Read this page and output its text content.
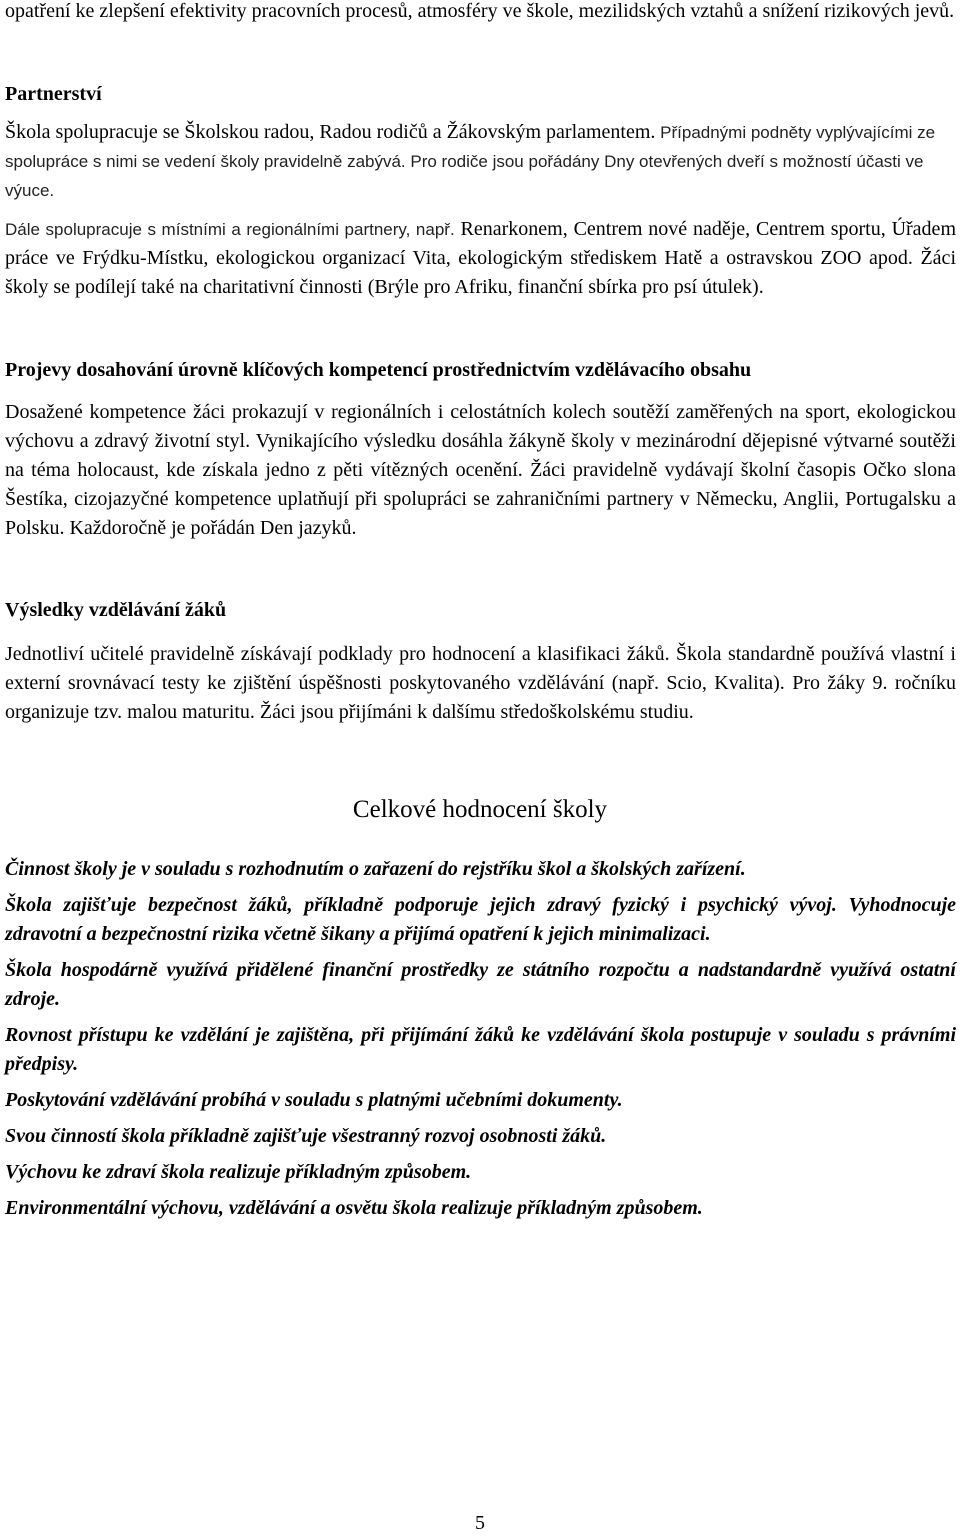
opatření ke zlepšení efektivity pracovních procesů, atmosféry ve škole, mezilidských vztahů a snížení rizikových jevů.

Partnerství

Škola spolupracuje se Školskou radou, Radou rodičů a Žákovským parlamentem. Případnými podněty vyplývajícími ze spolupráce s nimi se vedení školy pravidelně zabývá. Pro rodiče jsou pořádány Dny otevřených dveří s možností účasti ve výuce.

Dále spolupracuje s místními a regionálními partnery, např. Renarkonem, Centrem nové naděje, Centrem sportu, Úřadem práce ve Frýdku-Místku, ekologickou organizací Vita, ekologickým střediskem Hatě a ostravskou ZOO apod. Žáci školy se podílejí také na charitativní činnosti (Brýle pro Afriku, finanční sbírka pro psí útulek).

Projevy dosahování úrovně klíčových kompetencí prostřednictvím vzdělávacího obsahu

Dosažené kompetence žáci prokazují v regionálních i celostátních kolech soutěží zaměřených na sport, ekologickou výchovu a zdravý životní styl. Vynikajícího výsledku dosáhla žákyně školy v mezinárodní dějepisné výtvarné soutěži na téma holocaust, kde získala jedno z pěti vítězných ocenění. Žáci pravidelně vydávají školní časopis Očko slona Šestíka, cizojazyčné kompetence uplatňují při spolupráci se zahraničními partnery v Německu, Anglii, Portugalsku a Polsku. Každoročně je pořádán Den jazyků.

Výsledky vzdělávání žáků

Jednotliví učitelé pravidelně získávají podklady pro hodnocení a klasifikaci žáků. Škola standardně používá vlastní i externí srovnávací testy ke zjištění úspěšnosti poskytovaného vzdělávání (např. Scio, Kvalita). Pro žáky 9. ročníku organizuje tzv. malou maturitu. Žáci jsou přijímáni k dalšímu středoškolskému studiu.

Celkové hodnocení školy

Činnost školy je v souladu s rozhodnutím o zařazení do rejstříku škol a školských zařízení.

Škola zajišťuje bezpečnost žáků, příkladně podporuje jejich zdravý fyzický i psychický vývoj. Vyhodnocuje zdravotní a bezpečnostní rizika včetně šikany a přijímá opatření k jejich minimalizaci.

Škola hospodárně využívá přidělené finanční prostředky ze státního rozpočtu a nadstandardně využívá ostatní zdroje.

Rovnost přístupu ke vzdělání je zajištěna, při přijímání žáků ke vzdělávání škola postupuje v souladu s právními předpisy.

Poskytování vzdělávání probíhá v souladu s platnými učebními dokumenty.

Svou činností škola příkladně zajišťuje všestranný rozvoj osobnosti žáků.

Výchovu ke zdraví škola realizuje příkladným způsobem.

Environmentální výchovu, vzdělávání a osvětu škola realizuje příkladným způsobem.

5
